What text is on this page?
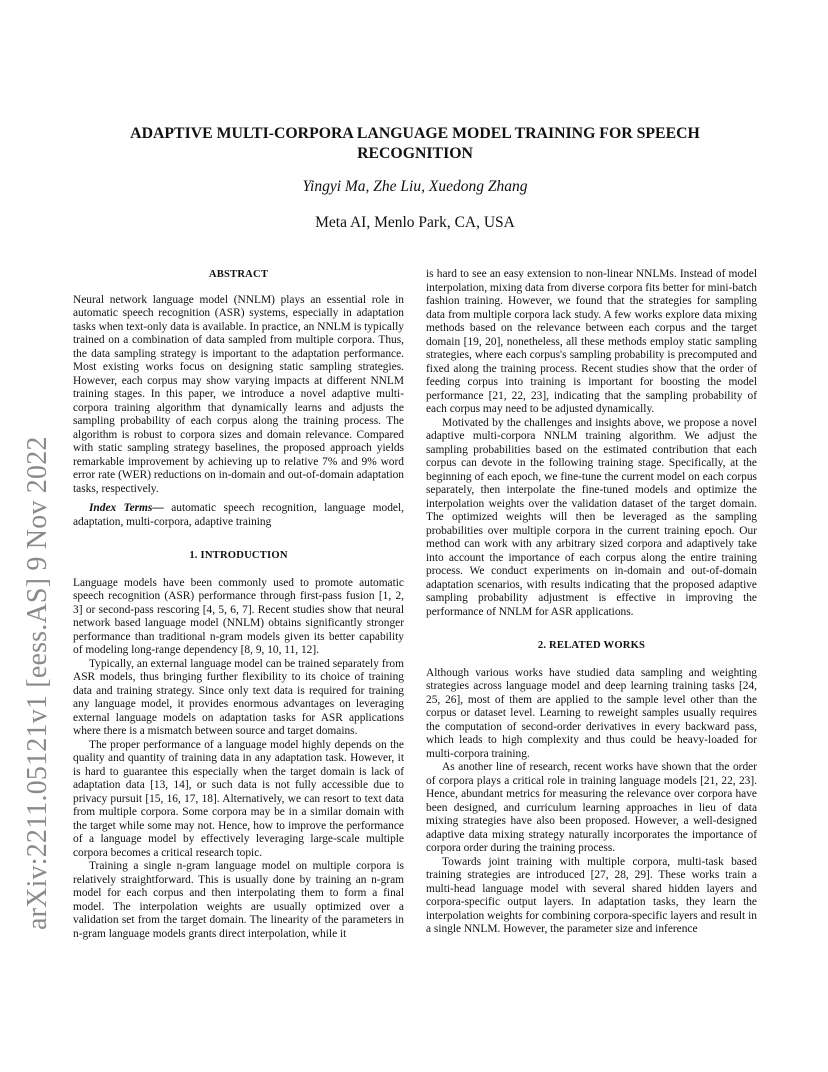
arXiv:2211.05121v1 [eess.AS] 9 Nov 2022
ADAPTIVE MULTI-CORPORA LANGUAGE MODEL TRAINING FOR SPEECH RECOGNITION
Yingyi Ma, Zhe Liu, Xuedong Zhang
Meta AI, Menlo Park, CA, USA
ABSTRACT

Neural network language model (NNLM) plays an essential role in automatic speech recognition (ASR) systems, especially in adaptation tasks when text-only data is available. In practice, an NNLM is typically trained on a combination of data sampled from multiple corpora. Thus, the data sampling strategy is important to the adaptation performance. Most existing works focus on designing static sampling strategies. However, each corpus may show varying impacts at different NNLM training stages. In this paper, we introduce a novel adaptive multi-corpora training algorithm that dynamically learns and adjusts the sampling probability of each corpus along the training process. The algorithm is robust to corpora sizes and domain relevance. Compared with static sampling strategy baselines, the proposed approach yields remarkable improvement by achieving up to relative 7% and 9% word error rate (WER) reductions on in-domain and out-of-domain adaptation tasks, respectively.

Index Terms— automatic speech recognition, language model, adaptation, multi-corpora, adaptive training

1. INTRODUCTION

Language models have been commonly used to promote automatic speech recognition (ASR) performance through first-pass fusion [1, 2, 3] or second-pass rescoring [4, 5, 6, 7]. Recent studies show that neural network based language model (NNLM) obtains significantly stronger performance than traditional n-gram models given its better capability of modeling long-range dependency [8, 9, 10, 11, 12].

Typically, an external language model can be trained separately from ASR models, thus bringing further flexibility to its choice of training data and training strategy. Since only text data is required for training any language model, it provides enormous advantages on leveraging external language models on adaptation tasks for ASR applications where there is a mismatch between source and target domains.

The proper performance of a language model highly depends on the quality and quantity of training data in any adaptation task. However, it is hard to guarantee this especially when the target domain is lack of adaptation data [13, 14], or such data is not fully accessible due to privacy pursuit [15, 16, 17, 18]. Alternatively, we can resort to text data from multiple corpora. Some corpora may be in a similar domain with the target while some may not. Hence, how to improve the performance of a language model by effectively leveraging large-scale multiple corpora becomes a critical research topic.

Training a single n-gram language model on multiple corpora is relatively straightforward. This is usually done by training an n-gram model for each corpus and then interpolating them to form a final model. The interpolation weights are usually optimized over a validation set from the target domain. The linearity of the parameters in n-gram language models grants direct interpolation, while it

is hard to see an easy extension to non-linear NNLMs. Instead of model interpolation, mixing data from diverse corpora fits better for mini-batch fashion training. However, we found that the strategies for sampling data from multiple corpora lack study. A few works explore data mixing methods based on the relevance between each corpus and the target domain [19, 20], nonetheless, all these methods employ static sampling strategies, where each corpus's sampling probability is precomputed and fixed along the training process. Recent studies show that the order of feeding corpus into training is important for boosting the model performance [21, 22, 23], indicating that the sampling probability of each corpus may need to be adjusted dynamically.

Motivated by the challenges and insights above, we propose a novel adaptive multi-corpora NNLM training algorithm. We adjust the sampling probabilities based on the estimated contribution that each corpus can devote in the following training stage. Specifically, at the beginning of each epoch, we fine-tune the current model on each corpus separately, then interpolate the fine-tuned models and optimize the interpolation weights over the validation dataset of the target domain. The optimized weights will then be leveraged as the sampling probabilities over multiple corpora in the current training epoch. Our method can work with any arbitrary sized corpora and adaptively take into account the importance of each corpus along the entire training process. We conduct experiments on in-domain and out-of-domain adaptation scenarios, with results indicating that the proposed adaptive sampling probability adjustment is effective in improving the performance of NNLM for ASR applications.

2. RELATED WORKS

Although various works have studied data sampling and weighting strategies across language model and deep learning training tasks [24, 25, 26], most of them are applied to the sample level other than the corpus or dataset level. Learning to reweight samples usually requires the computation of second-order derivatives in every backward pass, which leads to high complexity and thus could be heavy-loaded for multi-corpora training.

As another line of research, recent works have shown that the order of corpora plays a critical role in training language models [21, 22, 23]. Hence, abundant metrics for measuring the relevance over corpora have been designed, and curriculum learning approaches in lieu of data mixing strategies have also been proposed. However, a well-designed adaptive data mixing strategy naturally incorporates the importance of corpora order during the training process.

Towards joint training with multiple corpora, multi-task based training strategies are introduced [27, 28, 29]. These works train a multi-head language model with several shared hidden layers and corpora-specific output layers. In adaptation tasks, they learn the interpolation weights for combining corpora-specific layers and result in a single NNLM. However, the parameter size and inference
